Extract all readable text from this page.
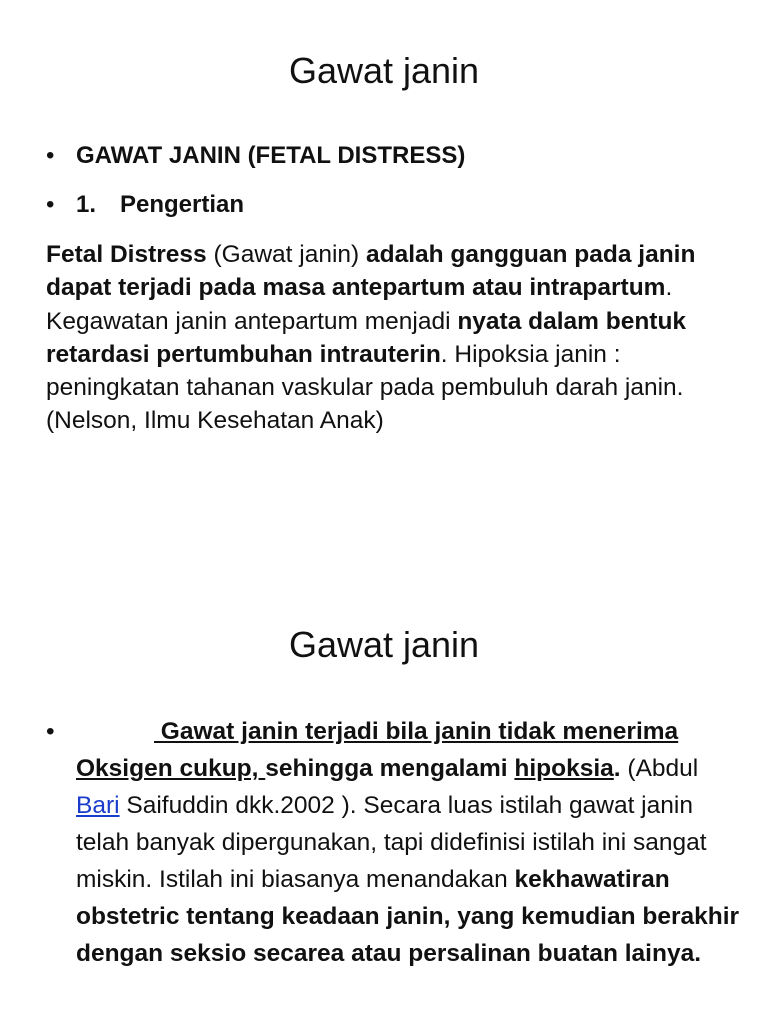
Gawat janin
• GAWAT JANIN (FETAL DISTRESS)
• 1. Pengertian

Fetal Distress (Gawat janin) adalah gangguan pada janin dapat terjadi pada masa antepartum atau intrapartum. Kegawatan janin antepartum menjadi nyata dalam bentuk retardasi pertumbuhan intrauterin. Hipoksia janin : peningkatan tahanan vaskular pada pembuluh darah janin. (Nelson, Ilmu Kesehatan Anak)

Gawat janin
•	Gawat janin terjadi bila janin tidak menerima Oksigen cukup, sehingga mengalami hipoksia. (Abdul Bari Saifuddin dkk.2002 ). Secara luas istilah gawat janin telah banyak dipergunakan, tapi didefinisi istilah ini sangat miskin. Istilah ini biasanya menandakan kekhawatiran obstetric tentang keadaan janin, yang kemudian berakhir dengan seksio secarea atau persalinan buatan lainya.
